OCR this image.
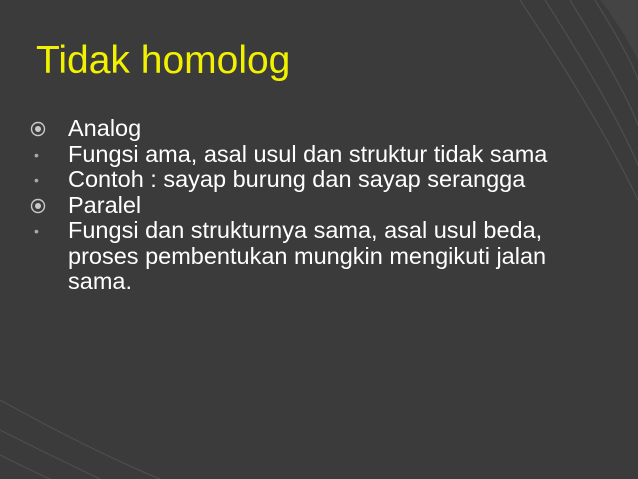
Tidak homolog
Analog
• Fungsi ama, asal usul dan struktur tidak sama
• Contoh : sayap burung dan sayap serangga
Paralel
• Fungsi dan strukturnya sama, asal usul beda, proses pembentukan mungkin mengikuti jalan sama.
